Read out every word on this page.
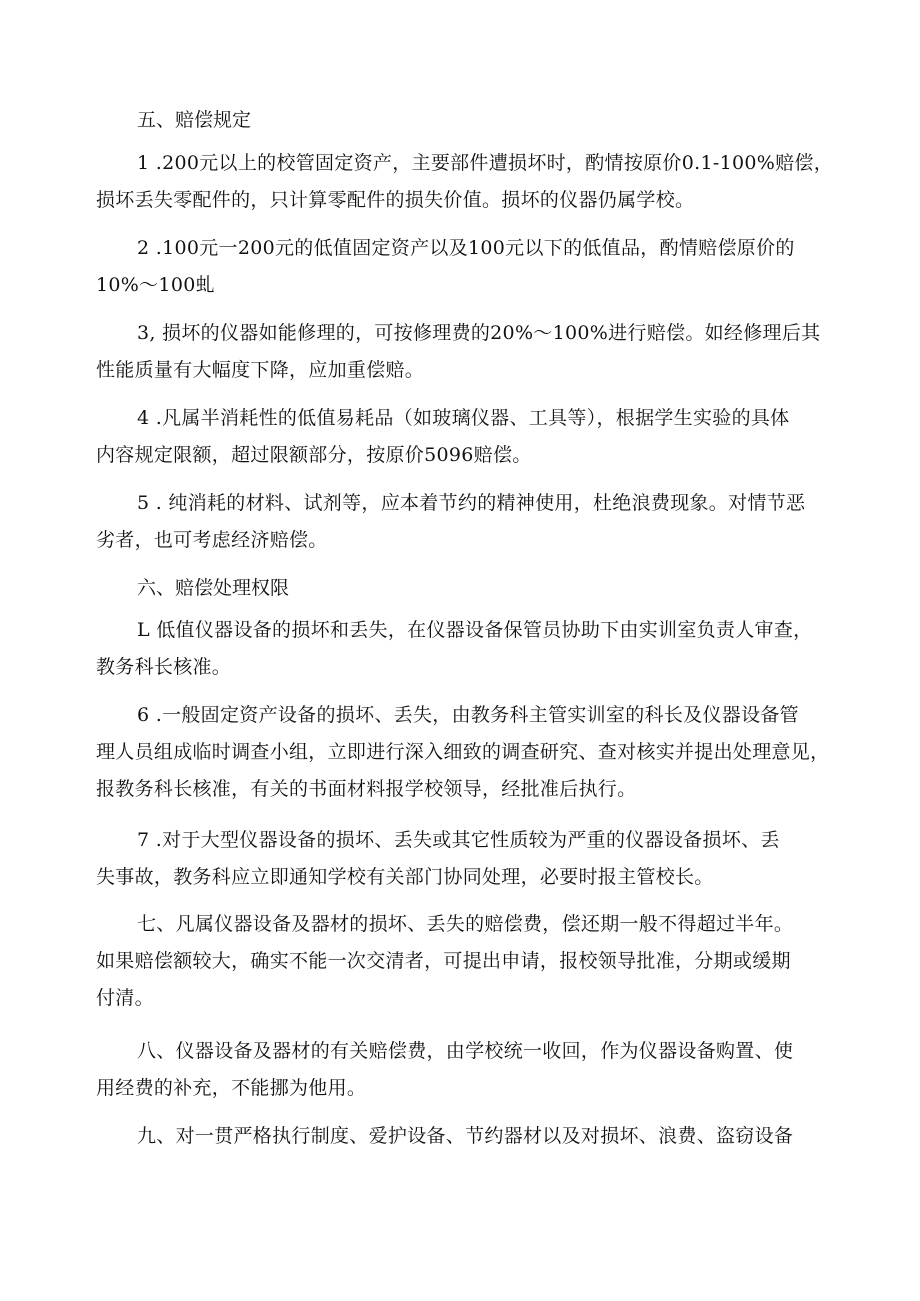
五、赔偿规定

1 .200元以上的校管固定资产，主要部件遭损坏时，酌情按原价0.1-100%赔偿，
损坏丢失零配件的，只计算零配件的损失价值。损坏的仪器仍属学校。
2 .100元一200元的低值固定资产以及100元以下的低值品，酌情赔偿原价的
10%～100虬
3, 损坏的仪器如能修理的，可按修理费的20%～100%进行赔偿。如经修理后其
性能质量有大幅度下降，应加重偿赔。
4 .凡属半消耗性的低值易耗品（如玻璃仪器、工具等），根据学生实验的具体
内容规定限额，超过限额部分，按原价5096赔偿。
5 . 纯消耗的材料、试剂等，应本着节约的精神使用，杜绝浪费现象。对情节恶
劣者，也可考虑经济赔偿。

六、赔偿处理权限

L 低值仪器设备的损坏和丢失，在仪器设备保管员协助下由实训室负责人审查，
教务科长核准。
6 .一般固定资产设备的损坏、丢失，由教务科主管实训室的科长及仪器设备管
理人员组成临时调查小组，立即进行深入细致的调查研究、查对核实并提出处理意见，
报教务科长核准，有关的书面材料报学校领导，经批准后执行。
7 .对于大型仪器设备的损坏、丢失或其它性质较为严重的仪器设备损坏、丢
失事故，教务科应立即通知学校有关部门协同处理，必要时报主管校长。
七、凡属仪器设备及器材的损坏、丢失的赔偿费，偿还期一般不得超过半年。
如果赔偿额较大，确实不能一次交清者，可提出申请，报校领导批准，分期或缓期
付清。
八、仪器设备及器材的有关赔偿费，由学校统一收回，作为仪器设备购置、使
用经费的补充，不能挪为他用。
九、对一贯严格执行制度、爱护设备、节约器材以及对损坏、浪费、盗窃设备
